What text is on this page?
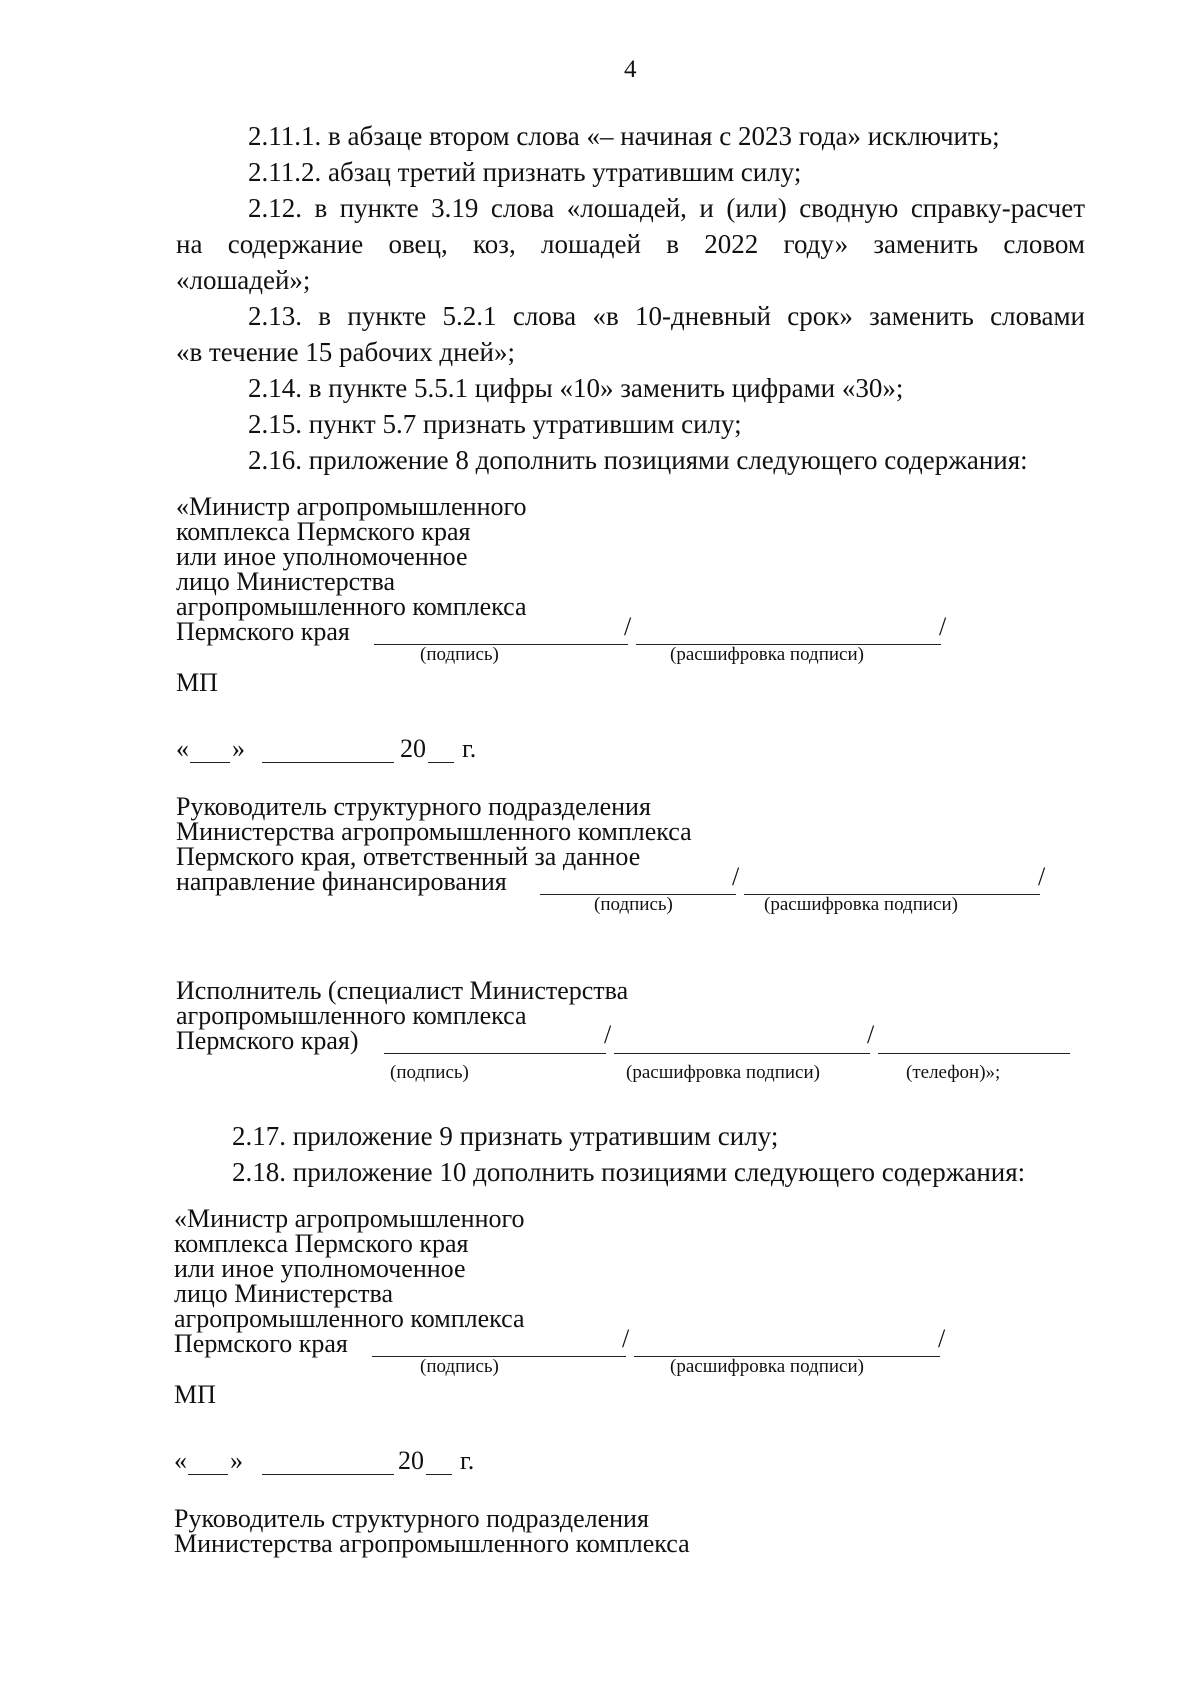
4
2.11.1. в абзаце втором слова «– начиная с 2023 года» исключить;
2.11.2. абзац третий признать утратившим силу;
2.12. в пункте 3.19 слова «лошадей, и (или) сводную справку-расчет
на содержание овец, коз, лошадей в 2022 году» заменить словом
«лошадей»;
2.13. в пункте 5.2.1 слова «в 10-дневный срок» заменить словами
«в течение 15 рабочих дней»;
2.14. в пункте 5.5.1 цифры «10» заменить цифрами «30»;
2.15. пункт 5.7 признать утратившим силу;
2.16. приложение 8 дополнить позициями следующего содержания:
«Министр агропромышленного
комплекса Пермского края
или иное уполномоченное
лицо Министерства
агропромышленного комплекса
Пермского края	/	/
(подпись)	(расшифровка подписи)
МП
« »	20 г.
Руководитель структурного подразделения
Министерства агропромышленного комплекса
Пермского края, ответственный за данное
направление финансирования	/	/
(подпись)	(расшифровка подписи)
Исполнитель (специалист Министерства
агропромышленного комплекса
Пермского края)	/	/
(подпись)	(расшифровка подписи)	(телефон)»;
2.17. приложение 9 признать утратившим силу;
2.18. приложение 10 дополнить позициями следующего содержания:
«Министр агропромышленного
комплекса Пермского края
или иное уполномоченное
лицо Министерства
агропромышленного комплекса
Пермского края	/	/
(подпись)	(расшифровка подписи)
МП
« »	20 г.
Руководитель структурного подразделения
Министерства агропромышленного комплекса
